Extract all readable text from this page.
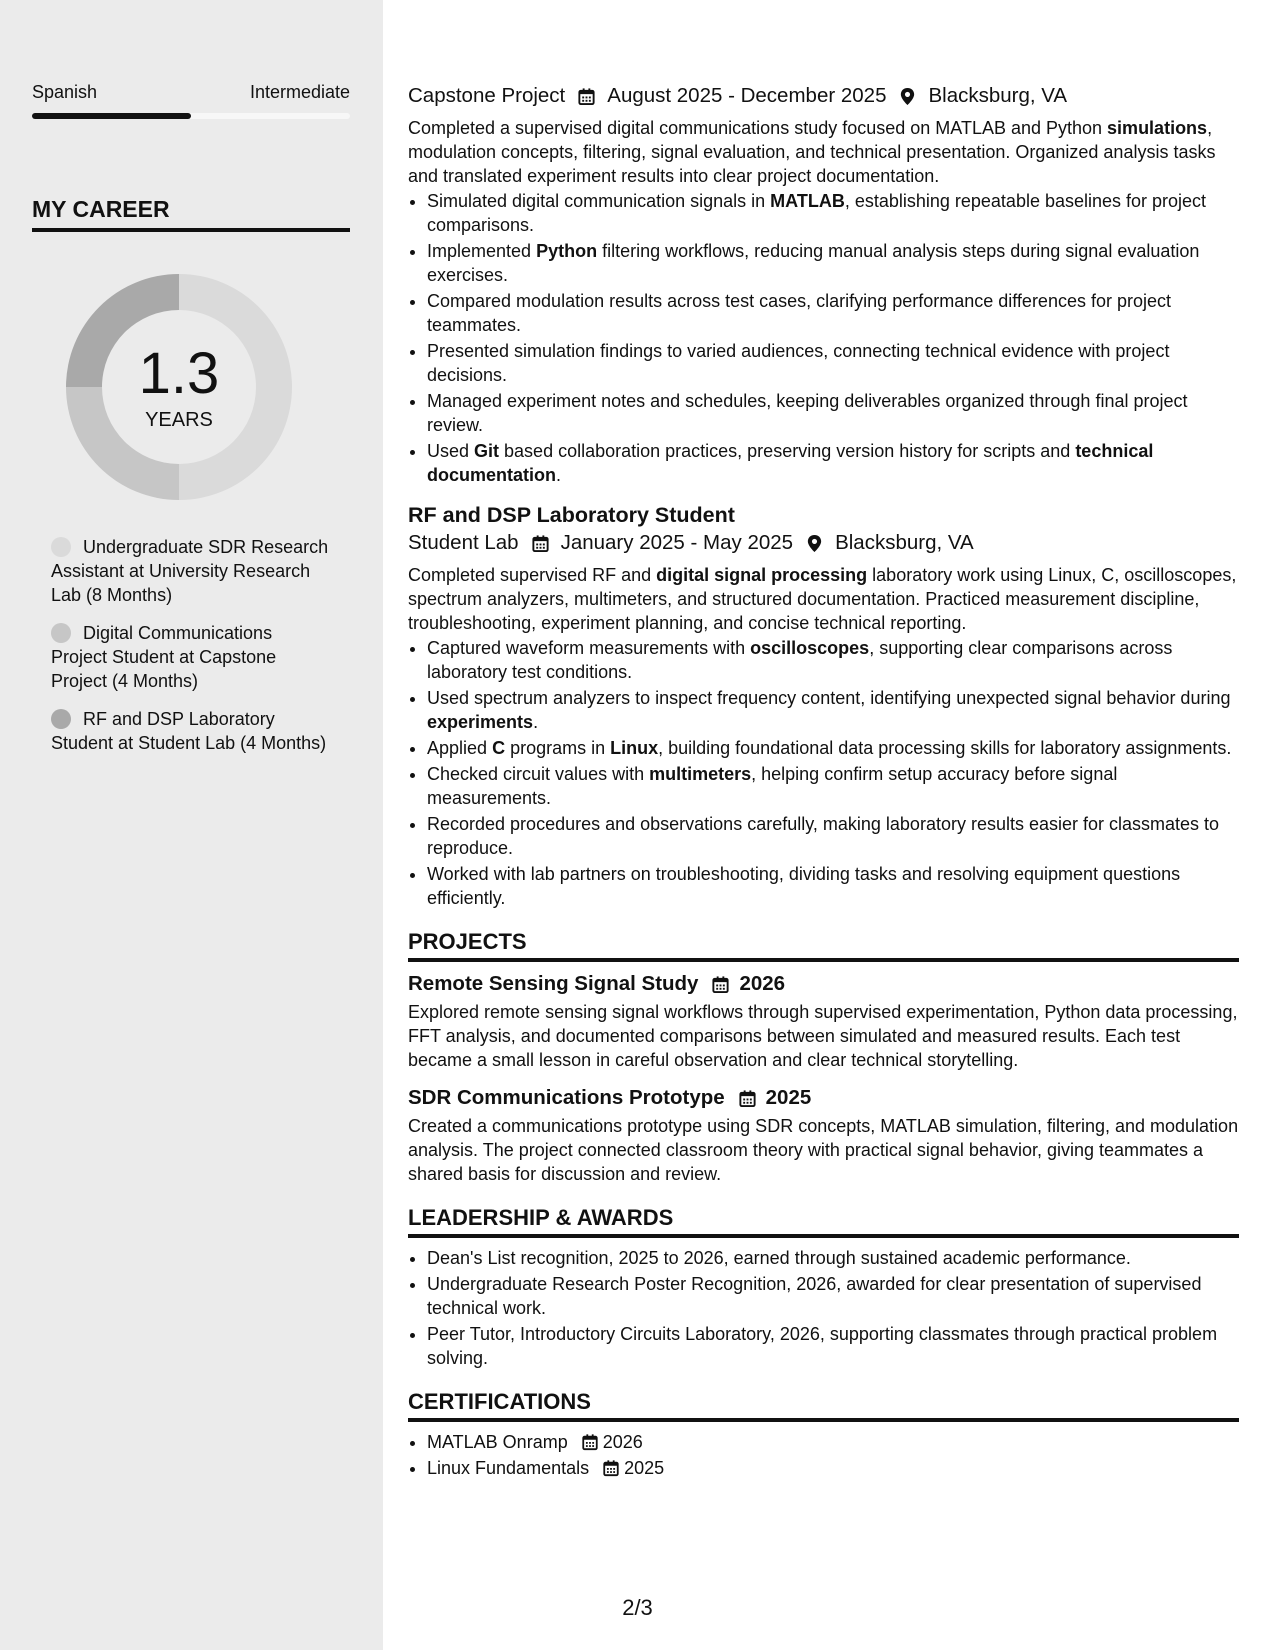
Spanish	Intermediate
MY CAREER
1.3
YEARS
Undergraduate SDR Research Assistant at University Research Lab (8 Months)
Digital Communications Project Student at Capstone Project (4 Months)
RF and DSP Laboratory Student at Student Lab (4 Months)
Capstone Project August 2025 - December 2025 Blacksburg, VA

Completed a supervised digital communications study focused on MATLAB and Python simulations, modulation concepts, filtering, signal evaluation, and technical presentation. Organized analysis tasks and translated experiment results into clear project documentation.

• Simulated digital communication signals in MATLAB, establishing repeatable baselines for project comparisons.
• Implemented Python filtering workflows, reducing manual analysis steps during signal evaluation exercises.
• Compared modulation results across test cases, clarifying performance differences for project teammates.
• Presented simulation findings to varied audiences, connecting technical evidence with project decisions.
• Managed experiment notes and schedules, keeping deliverables organized through final project review.
• Used Git based collaboration practices, preserving version history for scripts and technical documentation.
RF and DSP Laboratory Student
Student Lab January 2025 - May 2025 Blacksburg, VA

Completed supervised RF and digital signal processing laboratory work using Linux, C, oscilloscopes, spectrum analyzers, multimeters, and structured documentation. Practiced measurement discipline, troubleshooting, experiment planning, and concise technical reporting.

• Captured waveform measurements with oscilloscopes, supporting clear comparisons across laboratory test conditions.
• Used spectrum analyzers to inspect frequency content, identifying unexpected signal behavior during experiments.
• Applied C programs in Linux, building foundational data processing skills for laboratory assignments.
• Checked circuit values with multimeters, helping confirm setup accuracy before signal measurements.
• Recorded procedures and observations carefully, making laboratory results easier for classmates to reproduce.
• Worked with lab partners on troubleshooting, dividing tasks and resolving equipment questions efficiently.
PROJECTS
Remote Sensing Signal Study 2026

Explored remote sensing signal workflows through supervised experimentation, Python data processing, FFT analysis, and documented comparisons between simulated and measured results. Each test became a small lesson in careful observation and clear technical storytelling.

SDR Communications Prototype 2025

Created a communications prototype using SDR concepts, MATLAB simulation, filtering, and modulation analysis. The project connected classroom theory with practical signal behavior, giving teammates a shared basis for discussion and review.

LEADERSHIP & AWARDS
• Dean's List recognition, 2025 to 2026, earned through sustained academic performance.
• Undergraduate Research Poster Recognition, 2026, awarded for clear presentation of supervised technical work.
• Peer Tutor, Introductory Circuits Laboratory, 2026, supporting classmates through practical problem solving.
CERTIFICATIONS
• MATLAB Onramp 2026
• Linux Fundamentals 2025
2/3
